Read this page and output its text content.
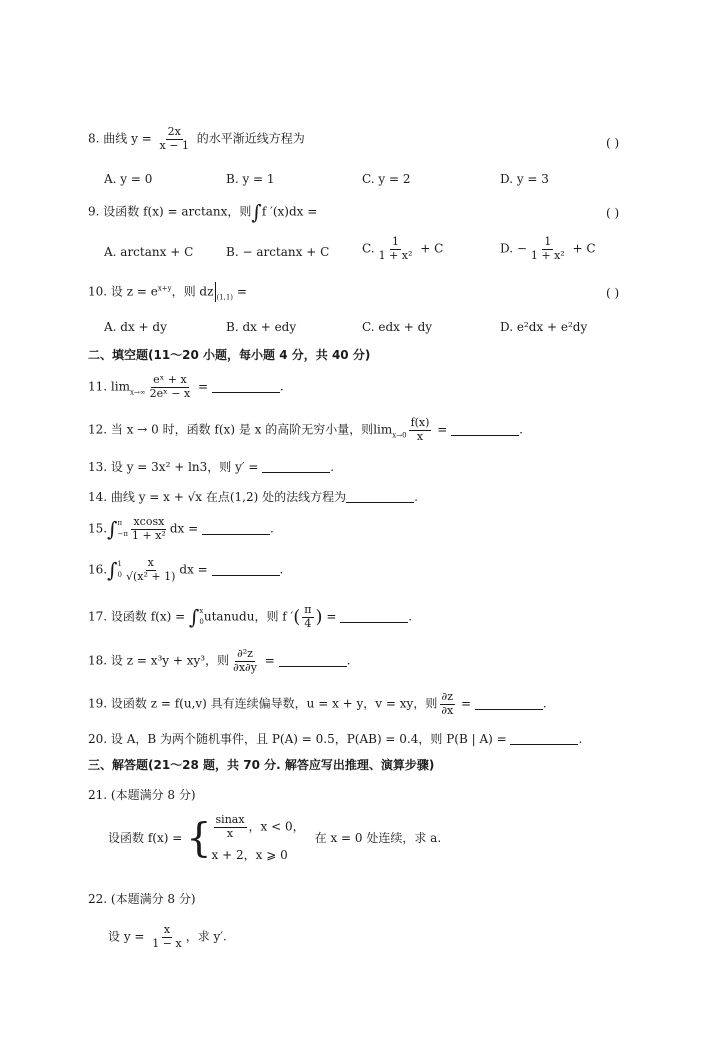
8. 曲线 $y = \frac{2x}{x - 1}$ 的水平渐近线方程为	( )
A. y = 0	B. y = 1	C. y = 2	D. y = 3
9. 设函数 f(x) = arctanx，则∫f ′(x)dx =	( )
A. arctanx + C	B. − arctanx + C	C. $\frac{1}{\text{1 + x²}} + C$	D. − $\frac{1}{\text{1 + x²}} + C$
10. 设 $z = e^{x+y}$，则 dz $_{(1,1)}$ =	( )
A. dx + dy	B. dx + edy	C. edx + dy	D. e²dx + e²dy
二、填空题(11～20 小题，每小题 4 分，共 40 分)
11. $\lim_{x\to\infty} \frac{\text{eˣ + x}}{\text{2eˣ − x}}$ =	.
12. 当 x → 0 时，函数 f(x) 是 x 的高阶无穷小量，则$\lim_{x\to 0} \frac{f(x)}{x}$ =	.
13. 设 y = 3x² + ln3，则 y′ =	.
14. 曲线 y = x + √x 在点(1,2) 处的法线方程为	.
15.∫ π
$-\pi \frac{xcosx}{\text{1 + x²}}$ dx =	.
16.∫ 1
$0 \frac{x}{\text{√(x² + 1)}}$ dx =	.
17. 设函数 f(x) = ∫ x
0 utanudu，则 f ′( $\frac{\pi}{4}$ ) =	.
18. 设 z = x³y + xy³，则 $\frac{\text{∂²z}}{\partial x\partial y}$ =	.
19. 设函数 z = f(u,v) 具有连续偏导数，u = x + y，v = xy，则 $\frac{\partial z}{\partial x}$ =	.
20. 设 A，B 为两个随机事件，且 P(A) = 0.5，P(AB) = 0.4，则 P(B | A) =	.
三、解答题(21～28 题，共 70 分. 解答应写出推理、演算步骤)
21. (本题满分 8 分)
设函数 f(x) = { $\frac{\text{sinax}}{x}$ ，x < 0，
x + 2，x ⩾ 0
在 x = 0 处连续，求 a.
22. (本题满分 8 分)
设 $y = \frac{x}{1 - x}$ ，求 y′.
